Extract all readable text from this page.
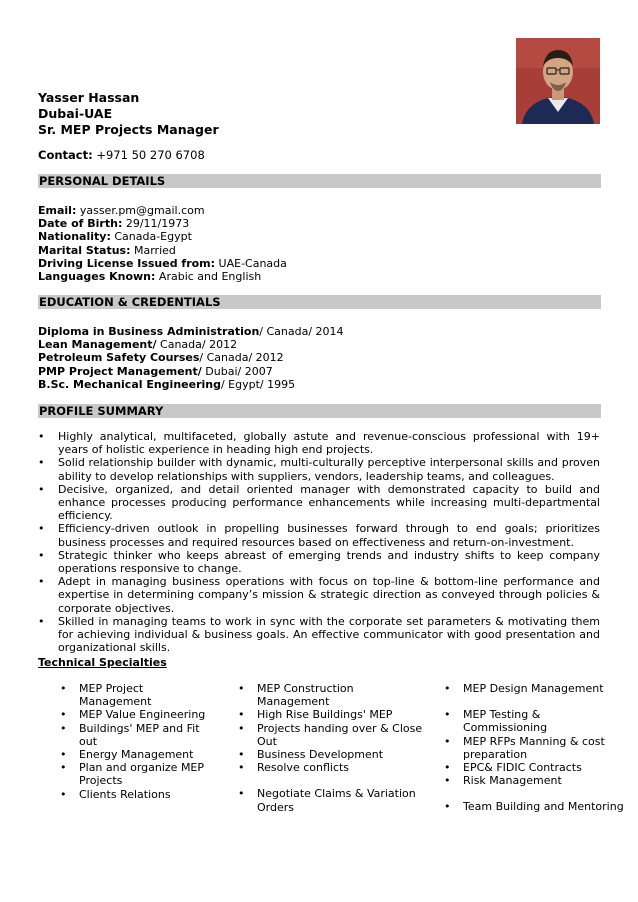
Yasser Hassan
Dubai-UAE
Sr. MEP Projects Manager
Contact: +971 50 270 6708
PERSONAL DETAILS
Email: yasser.pm@gmail.com
Date of Birth: 29/11/1973
Nationality: Canada-Egypt
Marital Status: Married
Driving License Issued from: UAE-Canada
Languages Known: Arabic and English
EDUCATION & CREDENTIALS
Diploma in Business Administration/ Canada/ 2014
Lean Management/ Canada/ 2012
Petroleum Safety Courses/ Canada/ 2012
PMP Project Management/ Dubai/ 2007
B.Sc. Mechanical Engineering/ Egypt/ 1995
PROFILE SUMMARY
• Highly analytical, multifaceted, globally astute and revenue-conscious professional with 19+ years of holistic experience in heading high end projects.
• Solid relationship builder with dynamic, multi-culturally perceptive interpersonal skills and proven ability to develop relationships with suppliers, vendors, leadership teams, and colleagues.
• Decisive, organized, and detail oriented manager with demonstrated capacity to build and enhance processes producing performance enhancements while increasing multi-departmental efficiency.
• Efficiency-driven outlook in propelling businesses forward through to end goals; prioritizes business processes and required resources based on effectiveness and return-on-investment.
• Strategic thinker who keeps abreast of emerging trends and industry shifts to keep company operations responsive to change.
• Adept in managing business operations with focus on top-line & bottom-line performance and expertise in determining company’s mission & strategic direction as conveyed through policies & corporate objectives.
• Skilled in managing teams to work in sync with the corporate set parameters & motivating them for achieving individual & business goals. An effective communicator with good presentation and organizational skills.
Technical Specialties
• MEP Project Management
• MEP Value Engineering
• Buildings' MEP and Fit out
• Energy Management
• Plan and organize MEP Projects
• Clients Relations
• MEP Construction Management
• High Rise Buildings' MEP
• Projects handing over & Close Out
• Business Development
• Resolve conflicts
• Negotiate Claims & Variation Orders
• MEP Design Management
• MEP Testing & Commissioning
• MEP RFPs Manning & cost preparation
• EPC& FIDIC Contracts
• Risk Management
• Team Building and Mentoring
